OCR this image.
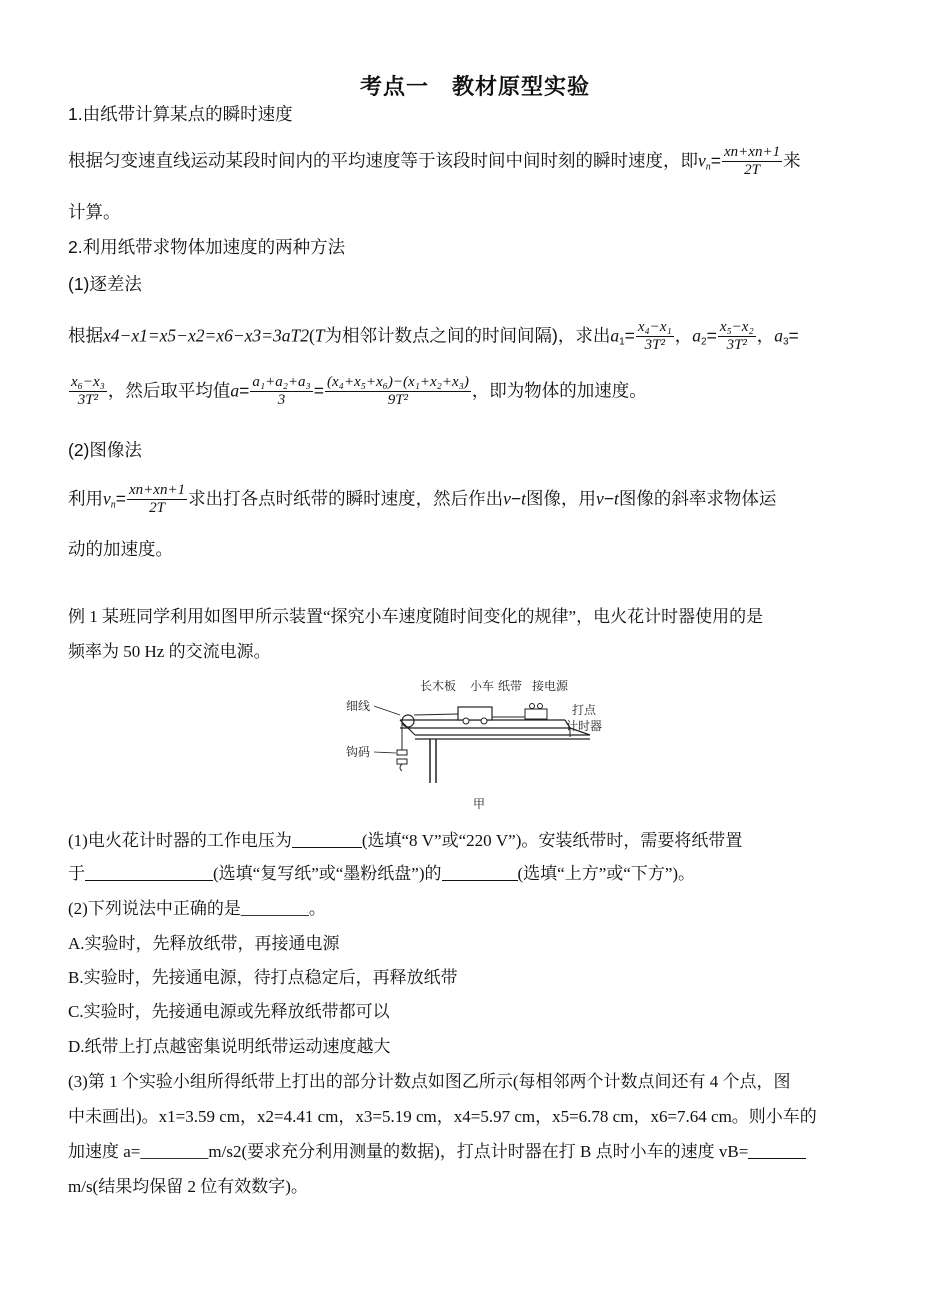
考点一　教材原型实验
1.由纸带计算某点的瞬时速度
根据匀变速直线运动某段时间内的平均速度等于该段时间中间时刻的瞬时速度，即$v_n= \frac{xn+xn+1}{2T}$ 来
计算。
2.利用纸带求物体加速度的两种方法
(1)逐差法
根据x4−x1=x5−x2=x6−x3=3aT2(T为相邻计数点之间的时间间隔)，求出$a_1= \frac{\text{x₄−x₁}}{\text{3T²}}$ ，$a_2= \frac{\text{x₅−x₂}}{\text{3T²}}$ ，$a_3=$
$\frac{\text{x₆−x₃}}{\text{3T²}}$ ，然后取平均值$a= \frac{\text{a₁+a₂+a₃}}{3} = \frac{\text{(x₄+x₅+x₆)−(x₁+x₂+x₃)}}{\text{9T²}}$ ，即为物体的加速度。
(2)图像法
利用$v_n= \frac{xn+xn+1}{2T}$ 求出打各点时纸带的瞬时速度，然后作出v−t图像，用v−t图像的斜率求物体运
动的加速度。
例 1 某班同学利用如图甲所示装置“探究小车速度随时间变化的规律”，电火花计时器使用的是
频率为 50 Hz 的交流电源。
长木板 小车 纸带 接电源
细线	打点
计时器
钩码
甲
(1)电火花计时器的工作电压为	(选填“8 V”或“220 V”)。安装纸带时，需要将纸带置
于	(选填“复写纸”或“墨粉纸盘”)的	(选填“上方”或“下方”)。
(2)下列说法中正确的是________。
A.实验时，先释放纸带，再接通电源
B.实验时，先接通电源，待打点稳定后，再释放纸带
C.实验时，先接通电源或先释放纸带都可以
D.纸带上打点越密集说明纸带运动速度越大
(3)第 1 个实验小组所得纸带上打出的部分计数点如图乙所示(每相邻两个计数点间还有 4 个点，图
中未画出)。x1=3.59 cm，x2=4.41 cm，x3=5.19 cm，x4=5.97 cm，x5=6.78 cm，x6=7.64 cm。则小车的
加速度 a=________m/s2(要求充分利用测量的数据)，打点计时器在打 B 点时小车的速度 vB=
m/s(结果均保留 2 位有效数字)。
